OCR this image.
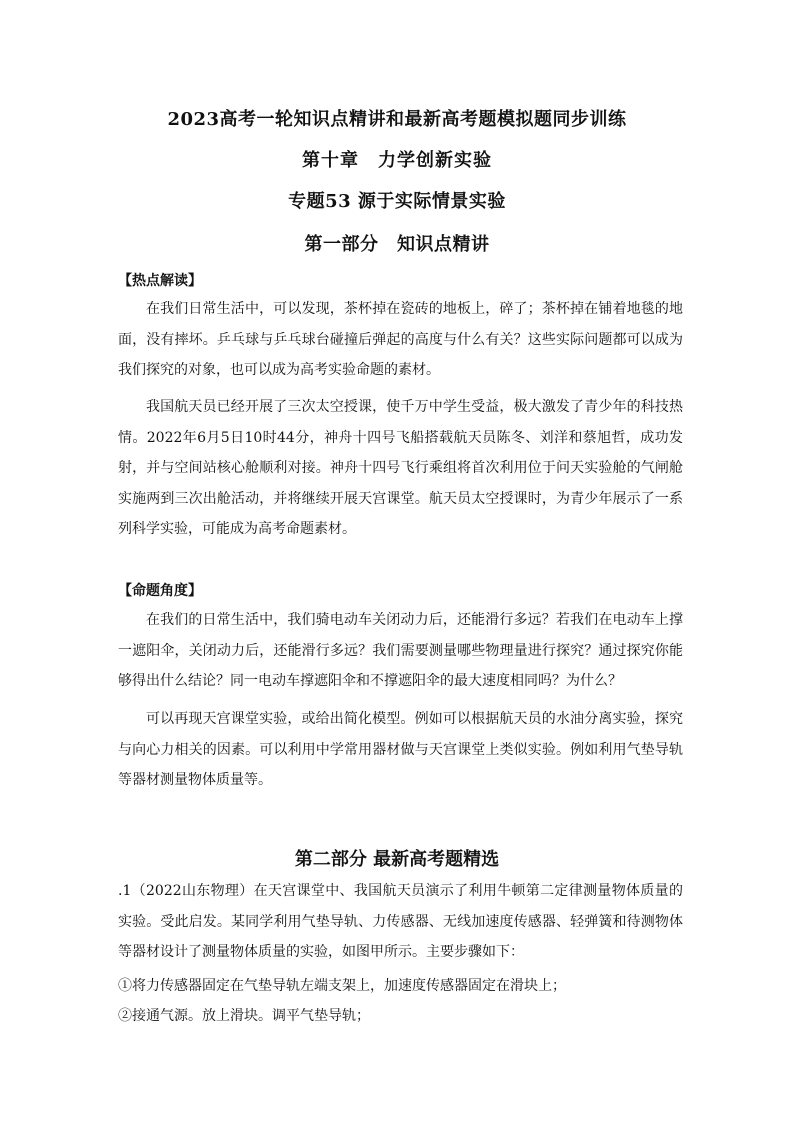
2023高考一轮知识点精讲和最新高考题模拟题同步训练
第十章　力学创新实验
专题53 源于实际情景实验
第一部分　知识点精讲
【热点解读】

在我们日常生活中，可以发现，茶杯掉在瓷砖的地板上，碎了；茶杯掉在铺着地毯的地面，没有摔坏。乒乓球与乒乓球台碰撞后弹起的高度与什么有关？这些实际问题都可以成为我们探究的对象，也可以成为高考实验命题的素材。

我国航天员已经开展了三次太空授课，使千万中学生受益，极大激发了青少年的科技热情。2022年6月5日10时44分，神舟十四号飞船搭载航天员陈冬、刘洋和蔡旭哲，成功发射，并与空间站核心舱顺利对接。神舟十四号飞行乘组将首次利用位于问天实验舱的气闸舱实施两到三次出舱活动，并将继续开展天宫课堂。航天员太空授课时，为青少年展示了一系列科学实验，可能成为高考命题素材。

【命题角度】

在我们的日常生活中，我们骑电动车关闭动力后，还能滑行多远？若我们在电动车上撑一遮阳伞，关闭动力后，还能滑行多远？我们需要测量哪些物理量进行探究？通过探究你能够得出什么结论？同一电动车撑遮阳伞和不撑遮阳伞的最大速度相同吗？为什么？

可以再现天宫课堂实验，或给出简化模型。例如可以根据航天员的水油分离实验，探究与向心力相关的因素。可以利用中学常用器材做与天宫课堂上类似实验。例如利用气垫导轨等器材测量物体质量等。

第二部分 最新高考题精选

.1（2022山东物理）在天宫课堂中、我国航天员演示了利用牛顿第二定律测量物体质量的实验。受此启发。某同学利用气垫导轨、力传感器、无线加速度传感器、轻弹簧和待测物体等器材设计了测量物体质量的实验，如图甲所示。主要步骤如下：

①将力传感器固定在气垫导轨左端支架上，加速度传感器固定在滑块上；
②接通气源。放上滑块。调平气垫导轨；
